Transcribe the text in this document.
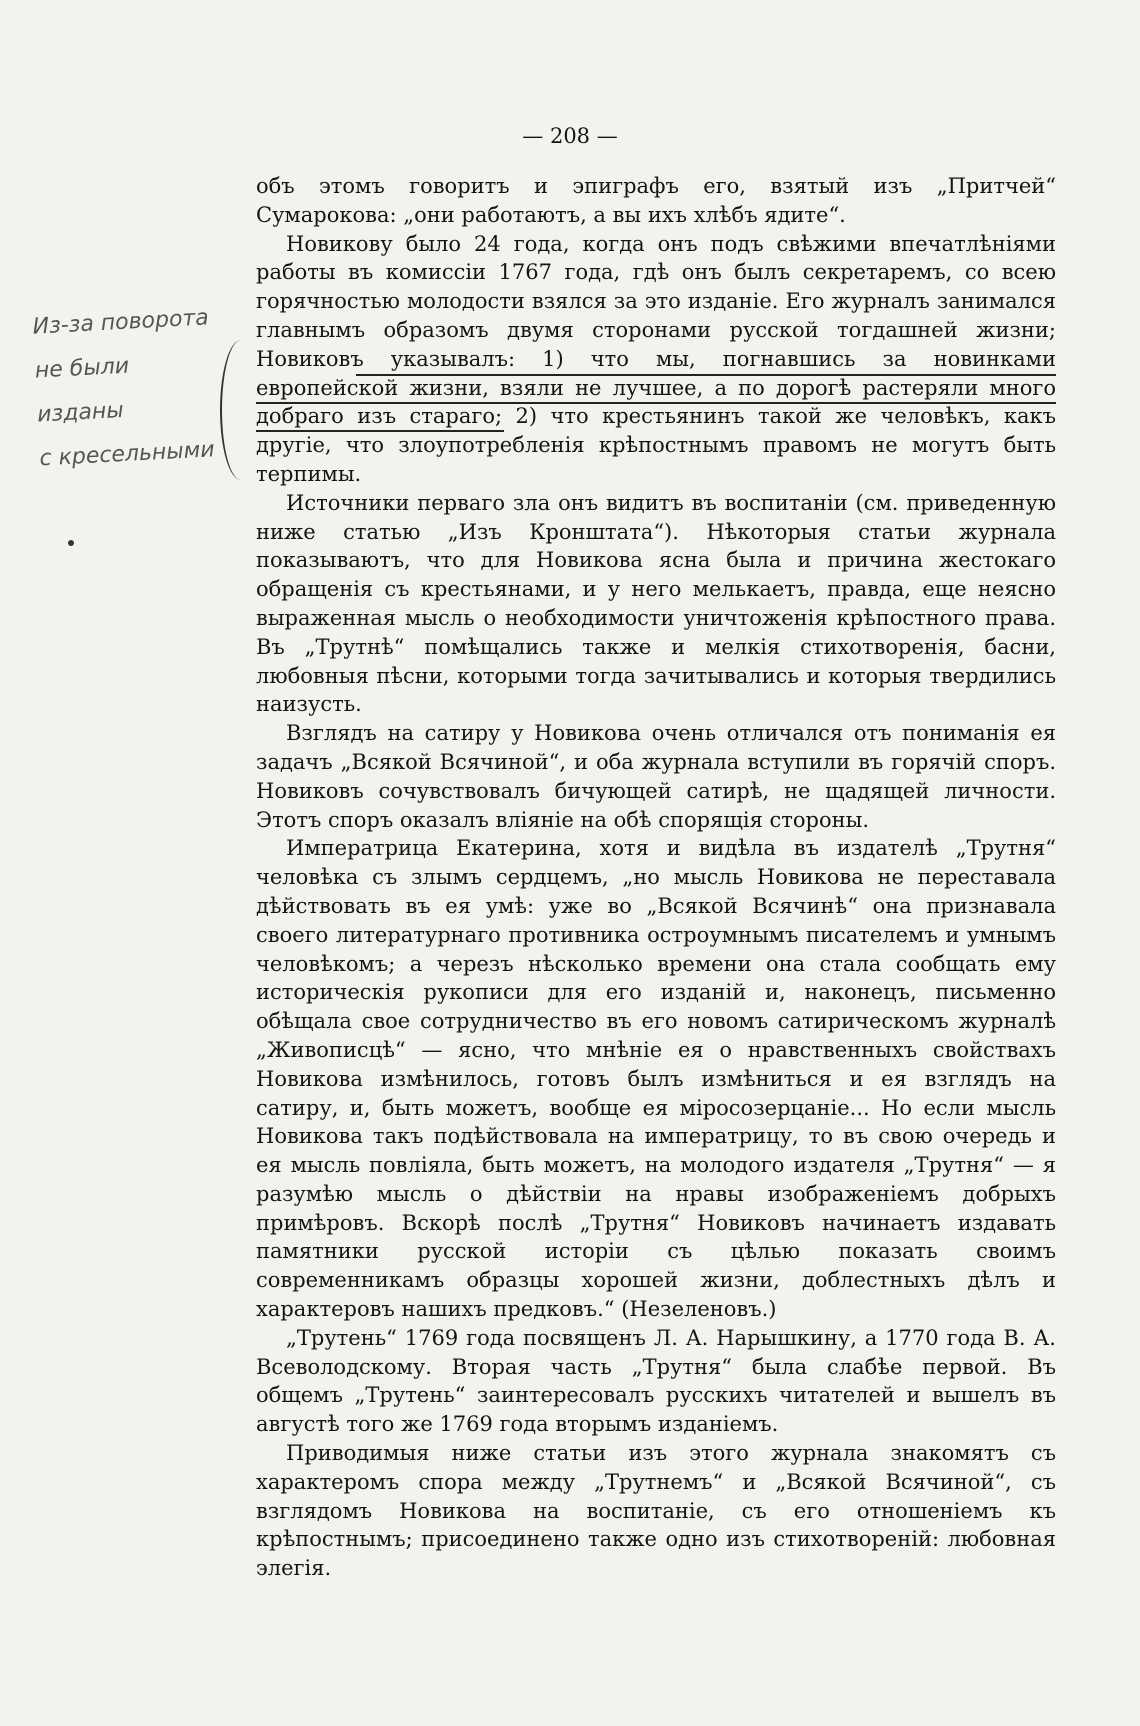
— 208 —
Из-за поворота
не были
изданы
с кресельными

объ этомъ говоритъ и эпиграфъ его, взятый изъ „Притчей“ Сумарокова: „они работаютъ, а вы ихъ хлѣбъ ядите“.

Новикову было 24 года, когда онъ подъ свѣжими впечатлѣніями работы въ комиссіи 1767 года, гдѣ онъ былъ секретаремъ, со всею горячностью молодости взялся за это изданіе. Его журналъ занимался главнымъ образомъ двумя сторонами русской тогдашней жизни; Новиковъ указывалъ: 1) что мы, погнавшись за новинками европейской жизни, взяли не лучшее, а по дорогѣ растеряли много добраго изъ стараго; 2) что крестьянинъ такой же человѣкъ, какъ другіе, что злоупотребленія крѣпостнымъ правомъ не могутъ быть терпимы.

Источники перваго зла онъ видитъ въ воспитаніи (см. приведенную ниже статью „Изъ Кронштата“). Нѣкоторыя статьи журнала показываютъ, что для Новикова ясна была и причина жестокаго обращенія съ крестьянами, и у него мелькаетъ, правда, еще неясно выраженная мысль о необходимости уничтоженія крѣпостного права. Въ „Трутнѣ“ помѣщались также и мелкія стихотворенія, басни, любовныя пѣсни, которыми тогда зачитывались и которыя твердились наизусть.

Взглядъ на сатиру у Новикова очень отличался отъ пониманія ея задачъ „Всякой Всячиной“, и оба журнала вступили въ горячій споръ. Новиковъ сочувствовалъ бичующей сатирѣ, не щадящей личности. Этотъ споръ оказалъ вліяніе на обѣ спорящія стороны.

Императрица Екатерина, хотя и видѣла въ издателѣ „Трутня“ человѣка съ злымъ сердцемъ, „но мысль Новикова не переставала дѣйствовать въ ея умѣ: уже во „Всякой Всячинѣ“ она признавала своего литературнаго противника остроумнымъ писателемъ и умнымъ человѣкомъ; а черезъ нѣсколько времени она стала сообщать ему историческія рукописи для его изданій и, наконецъ, письменно обѣщала свое сотрудничество въ его новомъ сатирическомъ журналѣ „Живописцѣ“ — ясно, что мнѣніе ея о нравственныхъ свойствахъ Новикова измѣнилось, готовъ былъ измѣниться и ея взглядъ на сатиру, и, быть можетъ, вообще ея міросозерцаніе... Но если мысль Новикова такъ подѣйствовала на императрицу, то въ свою очередь и ея мысль повліяла, быть можетъ, на молодого издателя „Трутня“ — я разумѣю мысль о дѣйствіи на нравы изображеніемъ добрыхъ примѣровъ. Вскорѣ послѣ „Трутня“ Новиковъ начинаетъ издавать памятники русской исторіи съ цѣлью показать своимъ современникамъ образцы хорошей жизни, доблестныхъ дѣлъ и характеровъ нашихъ предковъ.“ (Незеленовъ.)

„Трутень“ 1769 года посвященъ Л. А. Нарышкину, а 1770 года В. А. Всеволодскому. Вторая часть „Трутня“ была слабѣе первой. Въ общемъ „Трутень“ заинтересовалъ русскихъ читателей и вышелъ въ августѣ того же 1769 года вторымъ изданіемъ.

Приводимыя ниже статьи изъ этого журнала знакомятъ съ характеромъ спора между „Трутнемъ“ и „Всякой Всячиной“, съ взглядомъ Новикова на воспитаніе, съ его отношеніемъ къ крѣпостнымъ; присоединено также одно изъ стихотвореній: любовная элегія.
